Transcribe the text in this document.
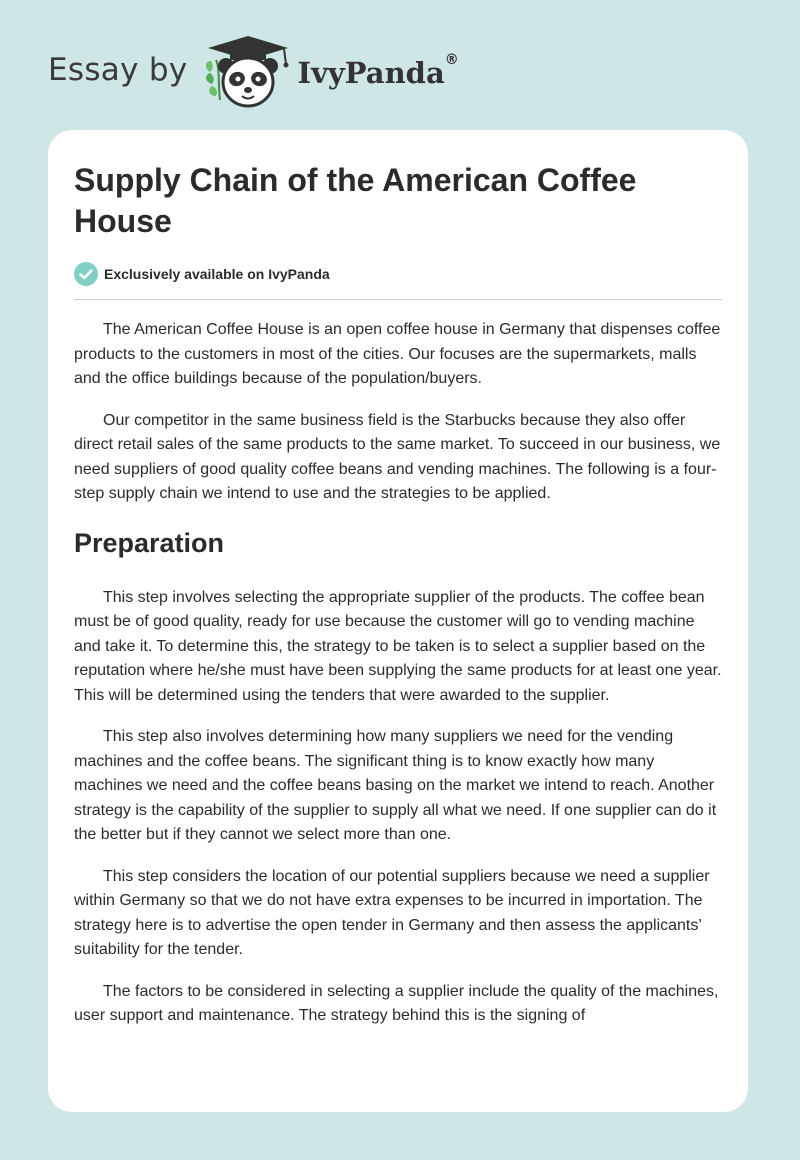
Essay by	IvyPanda®
Supply Chain of the American Coffee House
Exclusively available on IvyPanda

The American Coffee House is an open coffee house in Germany that dispenses coffee products to the customers in most of the cities. Our focuses are the supermarkets, malls and the office buildings because of the population/buyers.

Our competitor in the same business field is the Starbucks because they also offer direct retail sales of the same products to the same market. To succeed in our business, we need suppliers of good quality coffee beans and vending machines. The following is a four-step supply chain we intend to use and the strategies to be applied.

Preparation

This step involves selecting the appropriate supplier of the products. The coffee bean must be of good quality, ready for use because the customer will go to vending machine and take it. To determine this, the strategy to be taken is to select a supplier based on the reputation where he/she must have been supplying the same products for at least one year. This will be determined using the tenders that were awarded to the supplier.

This step also involves determining how many suppliers we need for the vending machines and the coffee beans. The significant thing is to know exactly how many machines we need and the coffee beans basing on the market we intend to reach. Another strategy is the capability of the supplier to supply all what we need. If one supplier can do it the better but if they cannot we select more than one.

This step considers the location of our potential suppliers because we need a supplier within Germany so that we do not have extra expenses to be incurred in importation. The strategy here is to advertise the open tender in Germany and then assess the applicants’ suitability for the tender.

The factors to be considered in selecting a supplier include the quality of the machines, user support and maintenance. The strategy behind this is the signing of
